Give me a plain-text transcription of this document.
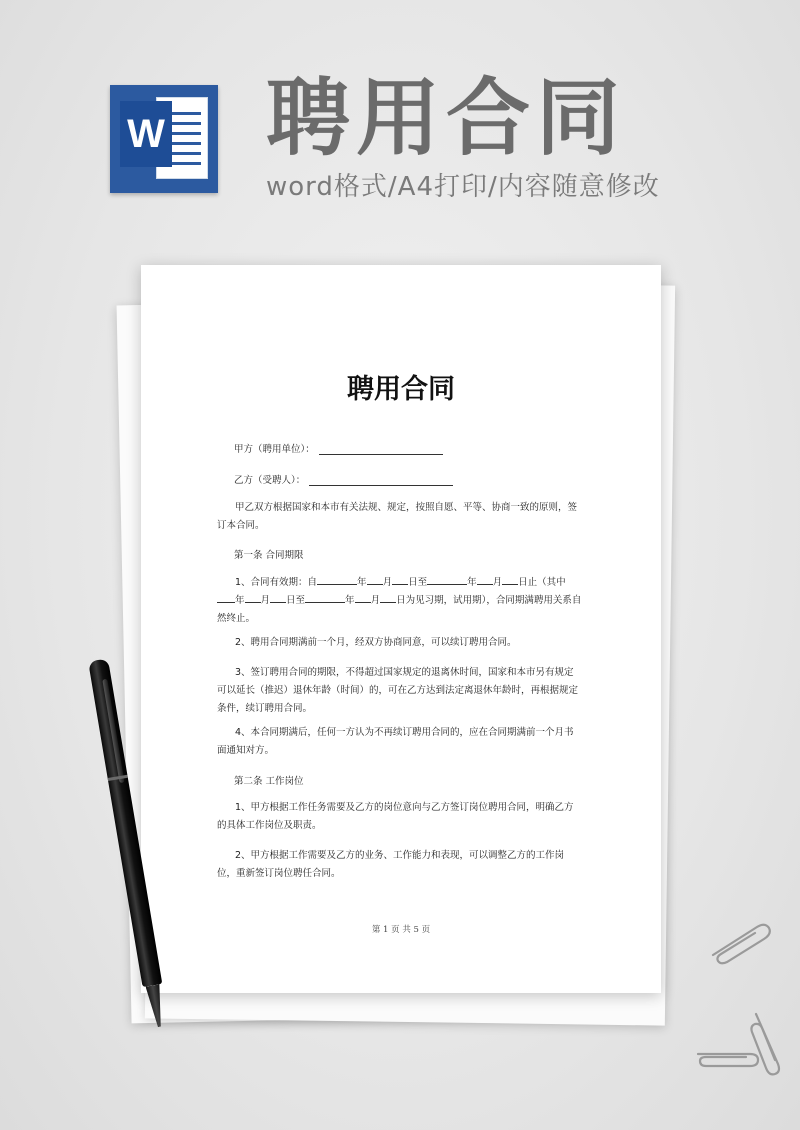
W 聘用合同
word格式/A4打印/内容随意修改
聘用合同
甲方（聘用单位）：
乙方（受聘人）：

甲乙双方根据国家和本市有关法规、规定，按照自愿、平等、协商一致的原则，签订本合同。

第一条 合同期限

1、合同有效期：自	年 月 日至	年 月 日止（其中年 月 日至	年 月 日为见习期，试用期），合同期满聘用关系自然终止。

2、聘用合同期满前一个月，经双方协商同意，可以续订聘用合同。

3、签订聘用合同的期限，不得超过国家规定的退离休时间，国家和本市另有规定可以延长（推迟）退休年龄（时间）的，可在乙方达到法定离退休年龄时，再根据规定条件，续订聘用合同。

4、本合同期满后，任何一方认为不再续订聘用合同的，应在合同期满前一个月书面通知对方。

第二条 工作岗位

1、甲方根据工作任务需要及乙方的岗位意向与乙方签订岗位聘用合同，明确乙方的具体工作岗位及职责。

2、甲方根据工作需要及乙方的业务、工作能力和表现，可以调整乙方的工作岗位，重新签订岗位聘任合同。

第 1 页 共 5 页
